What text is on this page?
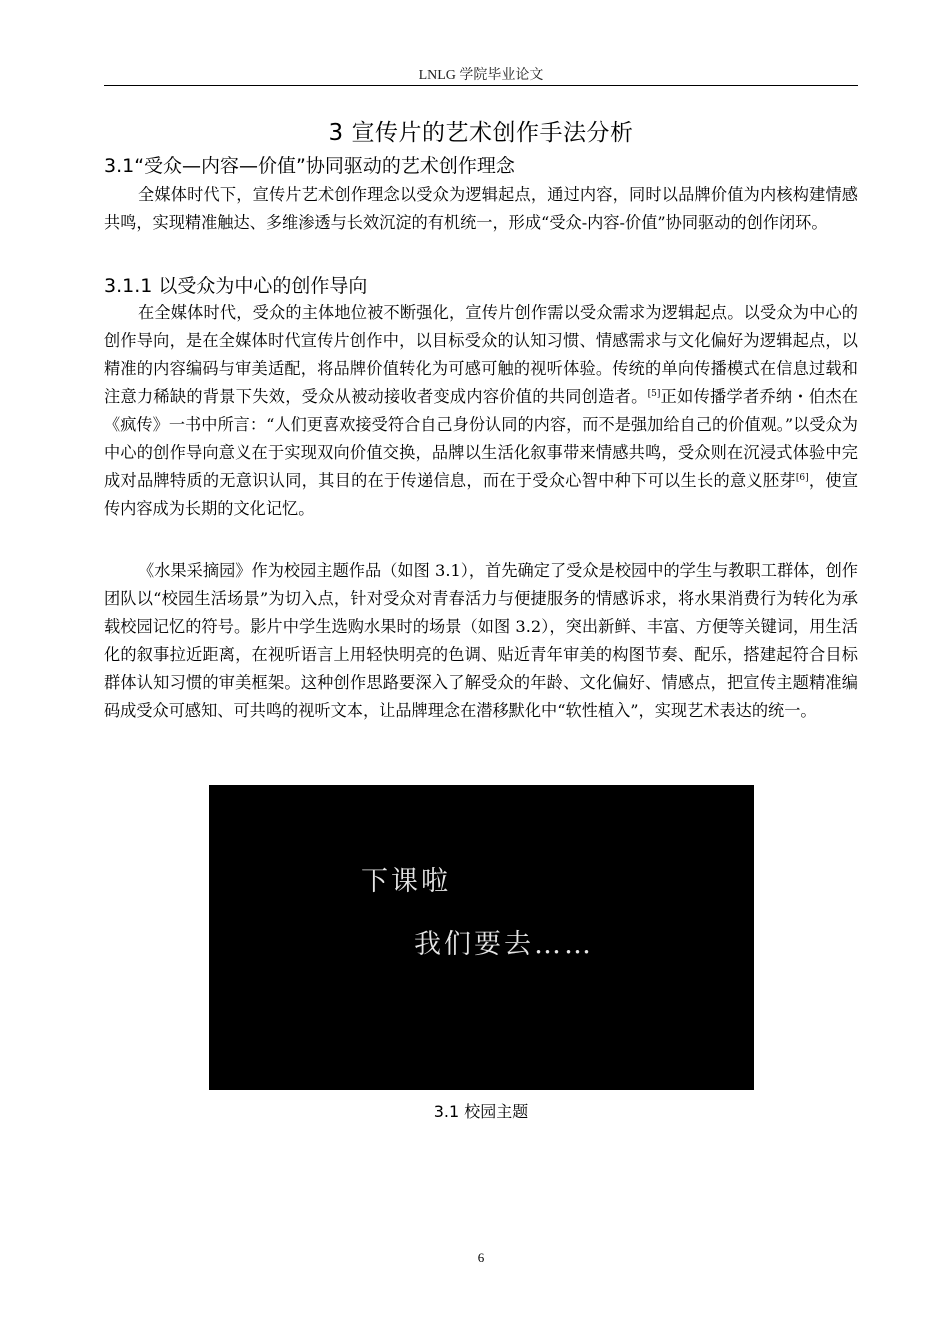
LNLG 学院毕业论文
3 宣传片的艺术创作手法分析
3.1“受众—内容—价值”协同驱动的艺术创作理念

全媒体时代下，宣传片艺术创作理念以受众为逻辑起点，通过内容，同时以品牌价值为内核构建情感共鸣，实现精准触达、多维渗透与长效沉淀的有机统一，形成“受众-内容-价值”协同驱动的创作闭环。

3.1.1 以受众为中心的创作导向

在全媒体时代，受众的主体地位被不断强化，宣传片创作需以受众需求为逻辑起点。以受众为中心的创作导向，是在全媒体时代宣传片创作中，以目标受众的认知习惯、情感需求与文化偏好为逻辑起点，以精准的内容编码与审美适配，将品牌价值转化为可感可触的视听体验。传统的单向传播模式在信息过载和注意力稀缺的背景下失效，受众从被动接收者变成内容价值的共同创造者。[5]正如传播学者乔纳・伯杰在《疯传》一书中所言：“人们更喜欢接受符合自己身份认同的内容，而不是强加给自己的价值观。”以受众为中心的创作导向意义在于实现双向价值交换，品牌以生活化叙事带来情感共鸣，受众则在沉浸式体验中完成对品牌特质的无意识认同，其目的在于传递信息，而在于受众心智中种下可以生长的意义胚芽[6]，使宣传内容成为长期的文化记忆。

《水果采摘园》作为校园主题作品（如图 3.1），首先确定了受众是校园中的学生与教职工群体，创作团队以“校园生活场景”为切入点，针对受众对青春活力与便捷服务的情感诉求，将水果消费行为转化为承载校园记忆的符号。影片中学生选购水果时的场景（如图 3.2），突出新鲜、丰富、方便等关键词，用生活化的叙事拉近距离，在视听语言上用轻快明亮的色调、贴近青年审美的构图节奏、配乐，搭建起符合目标群体认知习惯的审美框架。这种创作思路要深入了解受众的年龄、文化偏好、情感点，把宣传主题精准编码成受众可感知、可共鸣的视听文本，让品牌理念在潜移默化中“软性植入”，实现艺术表达的统一。

下课啦
我们要去……
3.1 校园主题
6
